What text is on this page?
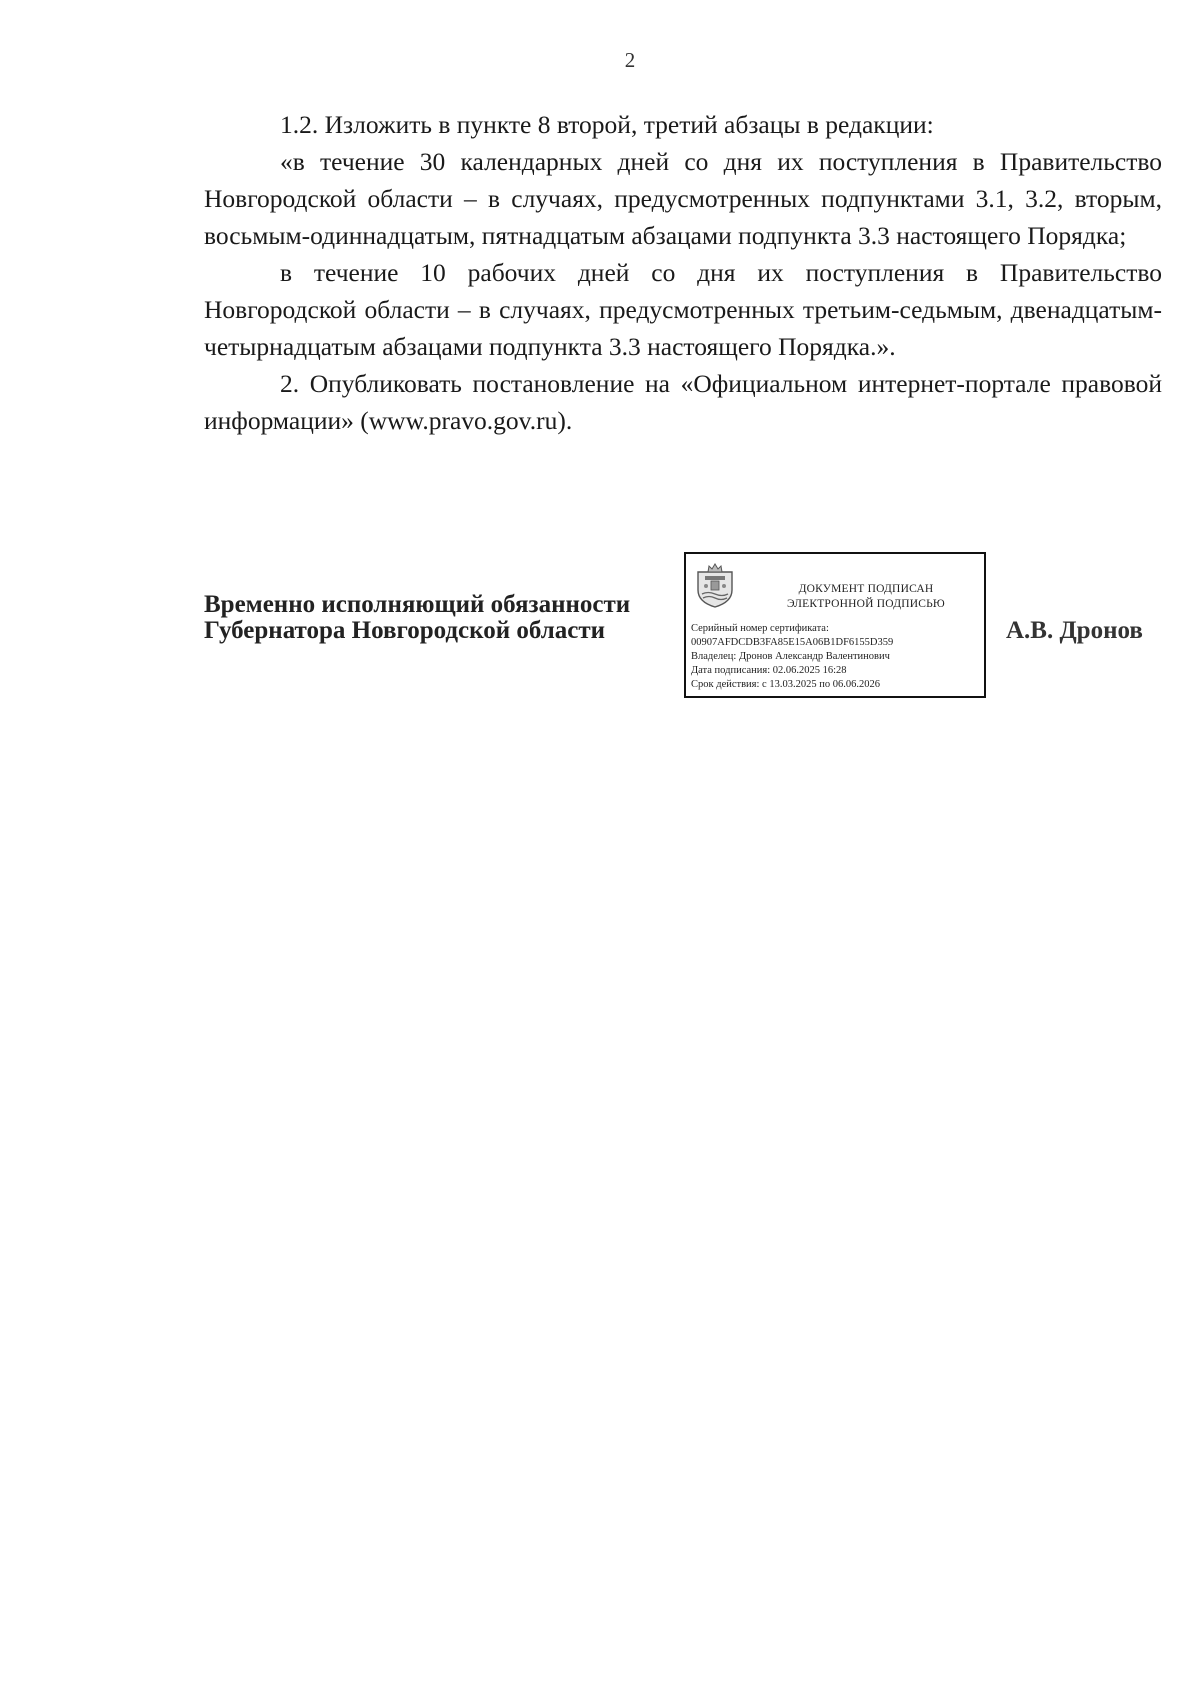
2

1.2. Изложить в пункте 8 второй, третий абзацы в редакции:

«в течение 30 календарных дней со дня их поступления в Правительство Новгородской области – в случаях, предусмотренных подпунктами 3.1, 3.2, вторым, восьмым-одиннадцатым, пятнадцатым абзацами подпункта 3.3 настоящего Порядка;

в течение 10 рабочих дней со дня их поступления в Правительство Новгородской области – в случаях, предусмотренных третьим-седьмым, двенадцатым-четырнадцатым абзацами подпункта 3.3 настоящего Порядка.».

2. Опубликовать постановление на «Официальном интернет-портале правовой информации» (www.pravo.gov.ru).

Временно исполняющий обязанности
Губернатора Новгородской области
ДОКУМЕНТ ПОДПИСАН
ЭЛЕКТРОННОЙ ПОДПИСЬЮ
Серийный номер сертификата:
00907AFDCDB3FA85E15A06B1DF6155D359
Владелец: Дронов Александр Валентинович
Дата подписания: 02.06.2025 16:28
Срок действия: с 13.03.2025 по 06.06.2026
А.В. Дронов
